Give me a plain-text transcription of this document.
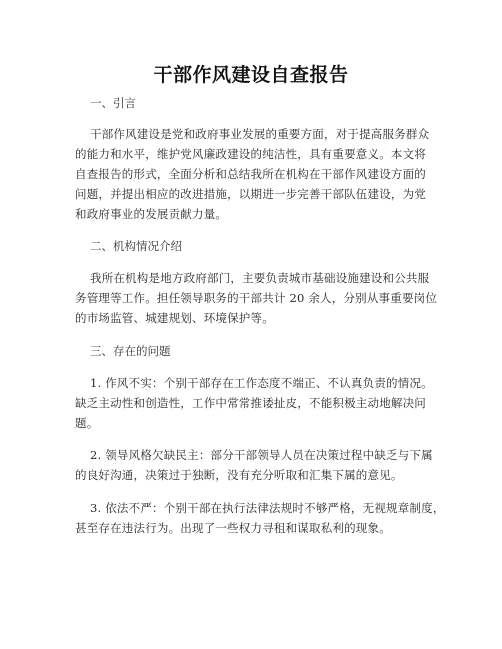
干部作风建设自查报告
一、引言
干部作风建设是党和政府事业发展的重要方面，对于提高服务群众
的能力和水平，维护党风廉政建设的纯洁性，具有重要意义。本文将
自查报告的形式，全面分析和总结我所在机构在干部作风建设方面的
问题，并提出相应的改进措施，以期进一步完善干部队伍建设，为党
和政府事业的发展贡献力量。
二、机构情况介绍
我所在机构是地方政府部门，主要负责城市基础设施建设和公共服
务管理等工作。担任领导职务的干部共计 20 余人，分别从事重要岗位
的市场监管、城建规划、环境保护等。
三、存在的问题
1. 作风不实：个别干部存在工作态度不端正、不认真负责的情况。
缺乏主动性和创造性，工作中常常推诿扯皮，不能积极主动地解决问
题。
2. 领导风格欠缺民主：部分干部领导人员在决策过程中缺乏与下属
的良好沟通，决策过于独断，没有充分听取和汇集下属的意见。
3. 依法不严：个别干部在执行法律法规时不够严格，无视规章制度，
甚至存在违法行为。出现了一些权力寻租和谋取私利的现象。
